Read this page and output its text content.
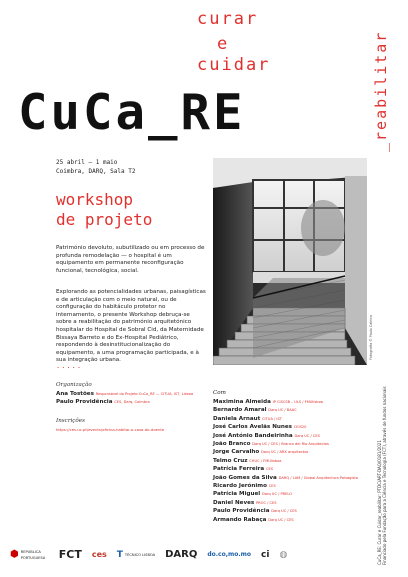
curar
e
cuidar
CuCa_RE	_reabilitar
25 abril — 1 maio
Coimbra, DARQ, Sala T2
workshop
de projeto
Património devoluto, subutilizado ou em processo de profunda remodelação — o hospital é um equipamento em permanente reconfiguração funcional, tecnológica, social.
Explorando as potencialidades urbanas, paisagísticas e de articulação com o meio natural, ou de configuração do habitáculo protetor no internamento, o presente Workshop debruça-se sobre a reabilitação do património arquitetónico hospitalar do Hospital de Sobral Cid, da Maternidade Bissaya Barreto e do Ex-Hospital Pediátrico, respondendo à desinstitucionalização do equipamento, a uma programação participada, e à sua integração urbana.
.....
Organização
Ana Tostões Responsável do Projeto CuCa_RE — CITUA, IST, Lisboa
Paulo Providência CES, Darq, Coimbra
Inscrições
https://ces.uc.pt/events/oficina-habitar-o-casa-do-doente
Fotografia © Paulo Catrica
CuCa_RE: Curar e Cuidar_reabilitar: PTDC/ART-DAQ/0181/2021
Financiado pela Fundação para a Ciência e Tecnologia (FCT), através de fundos nacionais
Com
Maximina Almeida IP CISCSB – ULS / FMUlisboa
Bernardo Amaral Darq UC / BAAC
Daniela Arnaut CITUA / IST
José Carlos Avelãs Nunes CEIS20
José António Bandeirinha Darq UC / CES
João Branco Darq UC / CES / Branco del Rio Arquitectos
Jorge Carvalho Darq UC / ARX arquitectos
Telmo Cruz CHUC / FMUlisboa
Patrícia Ferreira CES
João Gomes da Silva DARQ / LAM / Global Arquitectura Paisagista
Ricardo Jerónimo CES
Patrícia Miguel Darq UC / PRELO
Daniel Neves PROC / CES
Paulo Providência Darq UC / CES
Armando Rabaça Darq UC / CES
⬢ REPÚBLICA PORTUGUESA	FCT ces T TÉCNICO LISBOA DARQ do.co,mo.mo ci ◍
